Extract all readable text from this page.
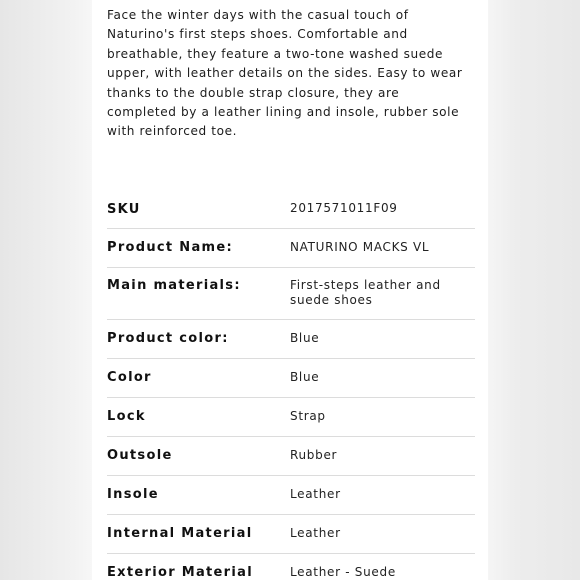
Face the winter days with the casual touch of Naturino's first steps shoes. Comfortable and breathable, they feature a two-tone washed suede upper, with leather details on the sides. Easy to wear thanks to the double strap closure, they are completed by a leather lining and insole, rubber sole with reinforced toe.

SKU	2017571011F09
Product Name:	NATURINO MACKS VL
Main materials:	First-steps leather and suede shoes
Product color:	Blue
Color	Blue
Lock	Strap
Outsole	Rubber
Insole	Leather
Internal Material	Leather
Exterior Material	Leather - Suede
